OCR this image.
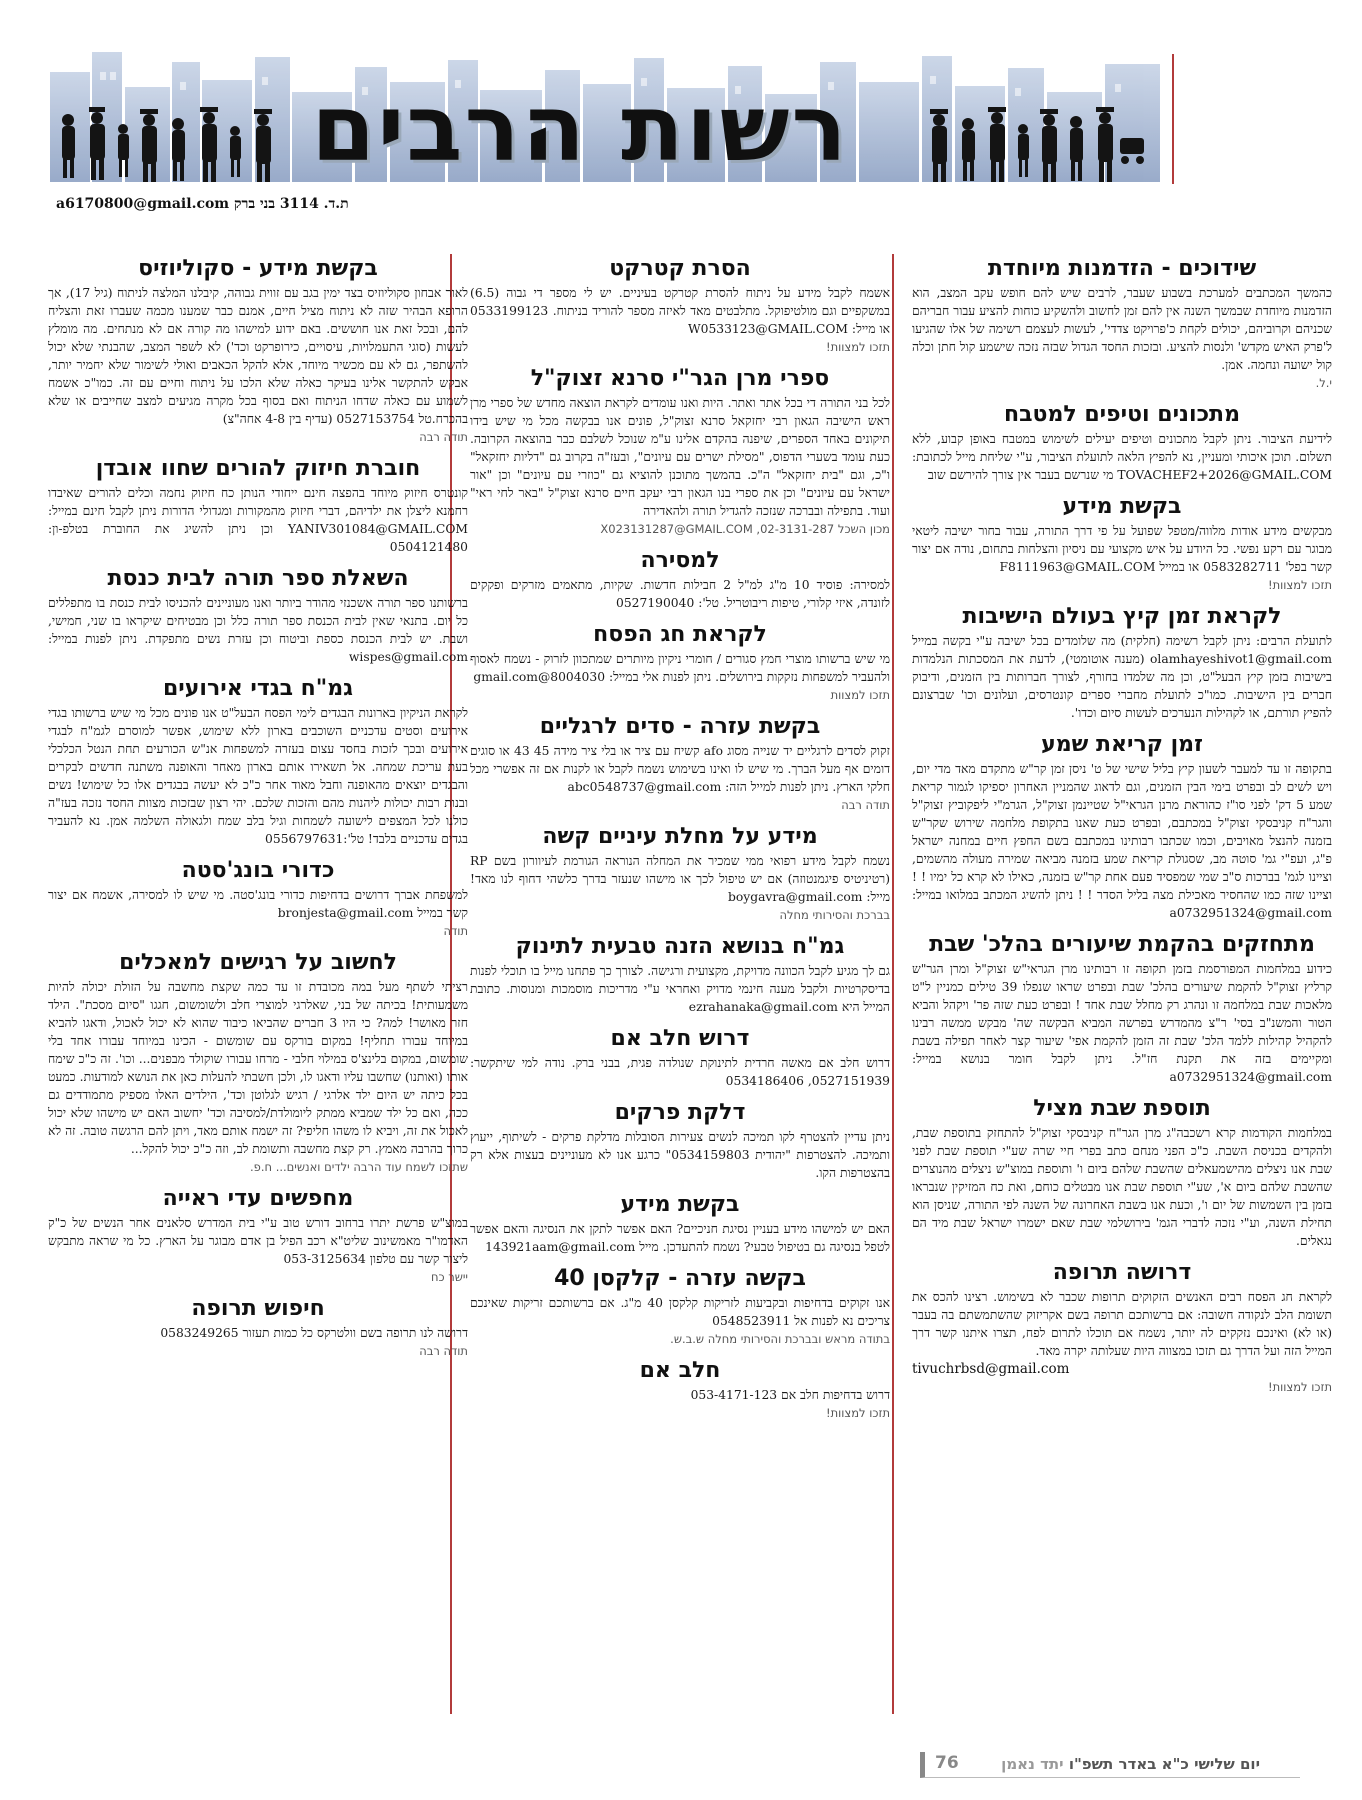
רשות הרבים
a6170800@gmail.com ת.ד. 3114 בני ברק
שידוכים - הזדמנות מיוחדת

כהמשך המכתבים למערכת בשבוע שעבר, לרבים שיש להם חופש עקב המצב, הוא הזדמנות מיוחדת שבמשך השנה אין להם זמן לחשוב ולהשקיע כוחות להציע עבור חבריהם שכניהם וקרוביהם, יכולים לקחת כ'פרויקט צדדי', לעשות לעצמם רשימה של אלו שהגיעו ל'פרק האיש מקדש' ולנסות להציע. ובזכות החסד הגדול שבזה נזכה שישמע קול חתן וכלה קול ישועה ונחמה. אמן.

י.ל.
מתכונים וטיפים למטבח

לידיעת הציבור. ניתן לקבל מתכונים וטיפים יעילים לשימוש במטבח באופן קבוע, ללא תשלום. תוכן איכותי ומעניין, נא להפיץ הלאה לתועלת הציבור, ע"י שליחת מייל לכתובת: TOVACHEF2+2026@GMAIL.COM מי שנרשם בעבר אין צורך להירשם שוב

בקשת מידע

מבקשים מידע אודות מלווה/מטפל שפועל על פי דרך התורה, עבור בחור ישיבה ליטאי מבוגר עם רקע נפשי. כל היודע על איש מקצועי עם ניסיון והצלחות בתחום, נודה אם יצור קשר בפל' 0583282711 או במייל F8111963@GMAIL.COM

תזכו למצוות!
לקראת זמן קיץ בעולם הישיבות

לתועלת הרבים: ניתן לקבל רשימה (חלקית) מה שלומדים בכל ישיבה ע"י בקשה במייל olamhayeshivot1@gmail.com (מענה אוטומטי), לדעת את המסכתות הנלמדות בישיבות בזמן קיץ הבעל"ט, וכן מה שלמדו בחורף, לצורך חברותות בין הזמנים, ודיבוק חברים בין הישיבות. כמו"כ לתועלת מחברי ספרים קונטרסים, ועלונים וכו' שברצונם להפיץ תורתם, או לקהילות הנערכים לעשות סיום וכדו'.

זמן קריאת שמע

בתקופה זו עד למעבר לשעון קיץ בליל שישי של ט' ניסן זמן קר"ש מתקדם מאד מדי יום, ויש לשים לב ובפרט בימי הבין הזמנים, וגם לדאוג שהמניין האחרון יספיקו לגמור קריאת שמע 5 דק' לפני סו"ז כהוראת מרנן הגראי"ל שטיינמן זצוק"ל, הגרמ"י ליפקוביץ זצוק"ל והגר"ח קניבסקי זצוק"ל במכתבם, ובפרט כעת שאנו בתקופת מלחמה שירוש שקר"ש בזמנה להנצל מאויבים, וכמו שכתבו רבותינו במכתבם בשם החפץ חיים במחנה ישראל פ"ג, ועפ"י גמ' סוטה מב, שסגולת קריאת שמע בזמנה מביאה שמירה מעולה מהשמים, וציינו לגמ' בברכות ס"ב שמי שמפסיד פעם אחת קר"ש בזמנה, כאילו לא קרא כל ימיו ! ! וציינו שזה כמו שהחסיר מאכילת מצה בליל הסדר ! ! ניתן להשיג המכתב במלואו במייל: a0732951324@gmail.com

מתחזקים בהקמת שיעורים בהלכ' שבת

כידוע במלחמות המפורסמת בזמן תקופה זו רבותינו מרן הגראי"ש זצוק"ל ומרן הגר"ש קרליץ זצוק"ל להקמת שיעורים בהלכ' שבת ובפרט שראו שנפלו 39 טילים כמניין ל"ט מלאכות שבת במלחמה זו ונהרג רק מחלל שבת אחד ! ובפרט כעת שזה פר' ויקהל והביא הטור והמשנ"ב בסי' ר"צ מהמדרש בפרשה המביא הבקשה שה' מבקש ממשה רבינו להקהיל קהילות ללמד הלכ' שבת זה הזמן להקמת אפי' שיעור קצר לאחר תפילה בשבת ומקיימים בזה את תקנת חז"ל. ניתן לקבל חומר בנושא במייל: a0732951324@gmail.com

תוספת שבת מציל

במלחמות הקודמות קרא רשכבה"ג מרן הגר"ח קניבסקי זצוק"ל להתחזק בתוספת שבת, ולהקדים בכניסת השבת. כ"כ הפני מנחם כתב בפרי חיי שרה שע"י תוספת שבת לפני שבת אנו ניצלים מהישמעאלים שהשבת שלהם ביום ו' ותוספת במוצ"ש ניצלים מהנוצרים שהשבת שלהם ביום א', שע"י תוספת שבת אנו מבטלים כוחם, ואת כח המזיקין שנבראו בזמן בין השמשות של יום ו', וכעת אנו בשבת האחרונה של השנה לפי התורה, שניסן הוא תחילת השנה, וע"י נזכה לדברי הגמ' בירושלמי שבת שאם ישמרו ישראל שבת מיד הם נגאלים.

דרושה תרופה

לקראת חג הפסח רבים האנשים הזקוקים תרופות שכבר לא בשימוש. רצינו להכס את תשומת הלב לנקודה חשובה: אם ברשותכם תרופה בשם אקריזוק שהשתמשתם בה בעבר (או לא) ואינכם נזקקים לה יותר, נשמח אם תוכלו לתרום לפח, תצרו איתנו קשר דרך המייל הזה ועל הדרך גם תזכו במצווה היות שעלותה יקרה מאד.

tivuchrbsd@gmail.com
תזכו למצוות!
הסרת קטרקט

אשמח לקבל מידע על ניתוח להסרת קטרקט בעיניים. יש לי מספר די גבוה (6.5) במשקפיים וגם מולטיפוקל. מתלבטים מאד לאיזה מספר להוריד בניתוח. 0533199123 או מייל: W0533123@GMAIL.COM

תזכו למצוות!
ספרי מרן הגר"י סרנא זצוק"ל

לכל בני התורה די בכל אתר ואתר. היות ואנו עומדים לקראת הוצאה מחדש של ספרי מרן ראש הישיבה הגאון רבי יחזקאל סרנא זצוק"ל, פונים אנו בבקשה מכל מי שיש בידו תיקונים באחד הספרים, שיפנה בהקדם אלינו ע"מ שנוכל לשלבם כבר בהוצאה הקרובה. כעת עומד בשערי הדפוס, "מסילת ישרים עם עיונים", ובעז"ה בקרוב גם "דליות יחזקאל" ו"כ, וגם "בית יחזקאל" ה"כ. בהמשך מתוכנן להוציא גם "כוזרי עם עיונים" וכן "אור ישראל עם עיונים" וכן את ספרי בנו הגאון רבי יעקב חיים סרנא זצוק"ל "באר לחי ראי" ועוד. בתפילה ובברכה שנזכה להגדיל תורה ולהאדירה

מכון השכל X023131287@GMAIL.COM ,02-3131-287
למסירה

למסירה: פוסיד 10 מ"ג למ"ל 2 חבילות חדשות. שקיות, מתאמים מזרקים ופקקים לזונדה, איזי קלורי, טיפות ריבוטריל. טל': 0527190040

לקראת חג הפסח

מי שיש ברשותו מוצרי חמץ סגורים / חומרי ניקיון מיותרים שמתכוון לזרוק - נשמח לאסוף ולהעביר למשפחות נזקקות בירושלים. ניתן לפנות אלי במייל: 8004030@gmail.com

תזכו למצוות
בקשת עזרה - סדים לרגליים

זקוק לסדים לרגליים יד שנייה מסוג afo קשיח עם ציר או בלי ציר מידה 45 43 או סוגים דומים אף מעל הברך. מי שיש לו ואינו בשימוש נשמח לקבל או לקנות אם זה אפשרי מכל חלקי הארץ. ניתן לפנות למייל הזה: abc0548737@gmail.com

תודה רבה
מידע על מחלת עיניים קשה

נשמח לקבל מידע רפואי ממי שמכיר את המחלה הנוראה הגורמת לעיוורון בשם RP (רטיניטיס פיגמנטוזה) אם יש טיפול לכך או מישהו שנעזר בדרך כלשהי דחוף לנו מאד! מייל: boygavra@gmail.com

בברכת והסירותי מחלה
גמ"ח בנושא הזנה טבעית לתינוק

גם לך מגיע לקבל הכוונה מדויקת, מקצועית ורגישה. לצורך כך פתחנו מייל בו תוכלי לפנות בדיסקרטיות ולקבל מענה חינמי מדויק ואחראי ע"י מדריכות מוסמכות ומנוסות. כתובת המייל היא ezrahanaka@gmail.com

דרוש חלב אם

דרוש חלב אם מאשה חרדית לתינוקת שנולדה פגית, בבני ברק. נודה למי שיתקשר: 0527151939, 0534186406

דלקת פרקים

ניתן עדיין להצטרף לקו תמיכה לנשים צעירות הסובלות מדלקת פרקים - לשיתוף, ייעוץ ותמיכה. להצטרפות "יהודית 0534159803" כרגע אנו לא מעוניינים בעצות אלא רק בהצטרפות הקו.

בקשת מידע

האם יש למישהו מידע בעניין נסיגת חניכיים? האם אפשר לתקן את הנסיגה והאם אפשר לטפל בנסיגה גם בטיפול טבעי? נשמח להתעדכן. מייל 143921aam@gmail.com

בקשה עזרה - קלקסן 40

אנו זקוקים בדחיפות ובקביעות לזריקות קלקסן 40 מ"ג. אם ברשותכם זריקות שאינכם צריכים נא לפנות אל 0548523911

בתודה מראש ובברכת והסירותי מחלה ש.ב.ש.
חלב אם

דרוש בדחיפות חלב אם 053-4171-123

תזכו למצוות!
בקשת מידע - סקוליוזיס

לאור אבחון סקוליוזיס בצד ימין בגב עם זווית גבוהה, קיבלנו המלצה לניתוח (גיל 17), אך הרופא הבהיר שזה לא ניתוח מציל חיים, אמנם כבר שמענו מכמה שעברו זאת והצליח להם, ובכל זאת אנו חוששים. באם ידוע למישהו מה קורה אם לא מנתחים. מה מומלץ לעשות (סוגי התעמלויות, עיסויים, כירופרקט וכד') לא לשפר המצב, שהבנתי שלא יכול להשתפר, גם לא עם מכשיר מיוחד, אלא להקל הכאבים ואולי לשימור שלא יחמיר יותר, אבקש להתקשר אלינו בעיקר כאלה שלא הלכו על ניתוח וחיים עם זה. כמו"כ אשמח לשמוע עם כאלה שדחו הניתוח ואם בסוף בכל מקרה מגיעים למצב שחייבים או שלא בהכרח.טל 0527153754 (עדיף בין 4-8 אחה"צ)

תודה רבה
חוברת חיזוק להורים שחוו אובדן

קונטרס חיזוק מיוחד בהפצה חינם ייחודי הנותן כח חיזוק נחמה וכלים להורים שאיבדו רחמנא ליצלן את ילדיהם, דברי חיזוק מהמקורות ומגדולי הדורות ניתן לקבל חינם במייל: YANIV301084@GMAIL.COM וכן ניתן להשיג את החוברת בטלפ-ון: 0504121480

השאלת ספר תורה לבית כנסת

ברשותנו ספר תורה אשכנזי מהודר ביותר ואנו מעוניינים להכניסו לבית כנסת בו מתפללים כל יום. בתנאי שאין לבית הכנסת ספר תורה כלל וכן מבטיחים שיקראו בו שני, חמישי, ושבת. יש לבית הכנסת כספת וביטוח וכן עזרת נשים מתפקדת. ניתן לפנות במייל: wispes@gmail.com

גמ"ח בגדי אירועים

לקראת הניקיון בארונות הבגדים לימי הפסח הבעל"ט אנו פונים מכל מי שיש ברשותו בגדי אירועים וסטים עדכניים השוכבים בארון ללא שימוש, אפשר למוסרם לגמ"ח לבגדי אירועים ובכך לזכות בחסד עצום בעזרה למשפחות אנ"ש הכורעים תחת הנטל הכלכלי בעת עריכת שמחה. אל תשאירו אותם בארון מאחר והאופנה משתנה חדשים לבקרים והבגדים יוצאים מהאופנה וחבל מאוד אחר כ"כ לא יעשה בבגדים אלו כל שימוש! נשים ובנות רבות יכולות ליהנות מהם והזכות שלכם. יהי רצון שבזכות מצוות החסד נזכה בעז"ה כולנו לכל המצפים לישועה לשמחות וגיל בלב שמח ולגאולה השלמה אמן. נא להעביר בגדים עדכניים בלבד! טל':0556797631

כדורי בונג'סטה

למשפחת אברך דרושים בדחיפות כדורי בונג'סטה. מי שיש לו למסירה, אשמח אם יצור קשר במייל bronjesta@gmail.com

תודה
לחשוב על רגישים למאכלים

רציתי לשתף מעל במה מכובדת זו עד כמה שקצת מחשבה על הזולת יכולה להיות משמעותית! בכיתה של בני, שאלרגי למוצרי חלב ולשומשום, חגגו "סיום מסכת". הילד חזר מאושר! למה? כי היו 3 חברים שהביאו כיבוד שהוא לא יכול לאכול, ודאגו להביא במיוחד עבורו תחליף! במקום בורקס עם שומשום - הכינו במיוחד עבורו אחד בלי שומשום, במקום בלינצ'ס במילוי חלבי - מרחו עבורו שוקולד מבפנים... וכו'. זה כ"כ שימח אותו (ואותנו) שחשבו עליו ודאגו לו, ולכן חשבתי להעלות כאן את הנושא למודעות. כמעט בכל כיתה יש היום ילד אלרגי / רגיש לגלוטן וכד', הילדים האלו מספיק מתמודדים גם ככה, ואם כל ילד שמביא ממתק ליומולדת/למסיבה וכד' יחשוב האם יש מישהו שלא יכול לאכול את זה, ויביא לו משהו חליפי? זה ישמח אותם מאד, ויתן להם הרגשה טובה. זה לא כרוך בהרבה מאמץ. רק קצת מחשבה ותשומת לב, וזה כ"כ יכול להקל...

שתזכו לשמח עוד הרבה ילדים ואנשים... ח.פ.
מחפשים עדי ראייה

במוצ"ש פרשת יתרו ברחוב דורש טוב ע"י בית המדרש סלאנים אחר הנשים של כ"ק האדמו"ר מאמשינוב שליט"א רכב הפיל בן אדם מבוגר על הארץ. כל מי שראה מתבקש ליצור קשר עם טלפון 053-3125634

יישר כח
חיפוש תרופה

דרושה לנו תרופה בשם וולטרקס כל כמות תעזור 0583249265

תודה רבה
יום שלישי כ"א באדר תשפ"ו יתד נאמן
76
